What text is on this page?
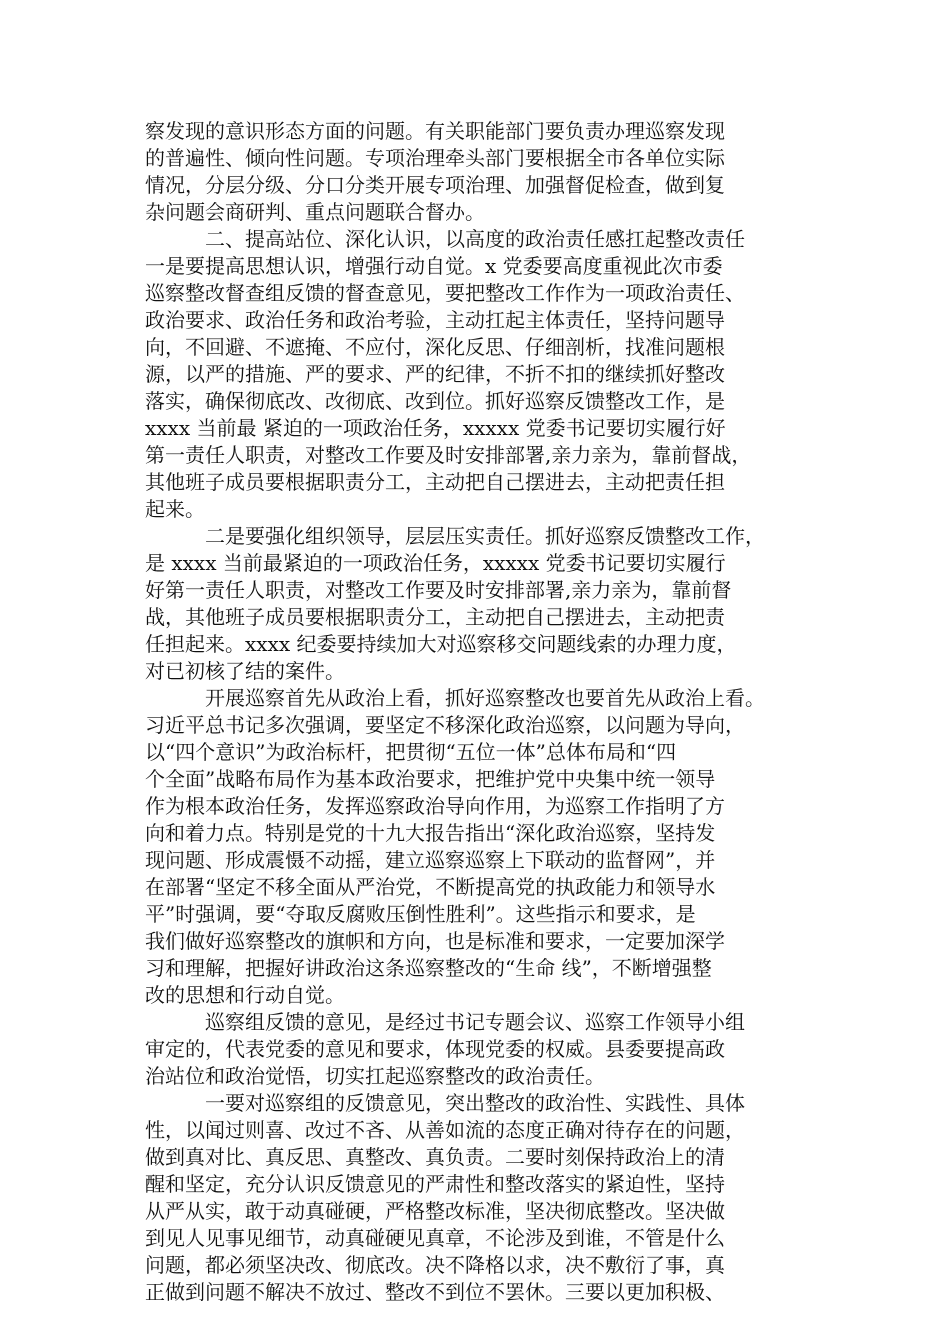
察发现的意识形态方面的问题。有关职能部门要负责办理巡察发现
的普遍性、倾向性问题。专项治理牵头部门要根据全市各单位实际
情况，分层分级、分口分类开展专项治理、加强督促检查，做到复
杂问题会商研判、重点问题联合督办。
　　　二、提高站位、深化认识，以高度的政治责任感扛起整改责任
一是要提高思想认识，增强行动自觉。x 党委要高度重视此次市委
巡察整改督查组反馈的督查意见，要把整改工作作为一项政治责任、
政治要求、政治任务和政治考验，主动扛起主体责任，坚持问题导
向，不回避、不遮掩、不应付，深化反思、仔细剖析，找准问题根
源，以严的措施、严的要求、严的纪律，不折不扣的继续抓好整改
落实，确保彻底改、改彻底、改到位。抓好巡察反馈整改工作，是
xxxx 当前最 紧迫的一项政治任务，xxxxx 党委书记要切实履行好
第一责任人职责，对整改工作要及时安排部署,亲力亲为，靠前督战，
其他班子成员要根据职责分工，主动把自己摆进去，主动把责任担
起来。
　　　二是要强化组织领导，层层压实责任。抓好巡察反馈整改工作，
是 xxxx 当前最紧迫的一项政治任务，xxxxx 党委书记要切实履行
好第一责任人职责，对整改工作要及时安排部署,亲力亲为，靠前督
战，其他班子成员要根据职责分工，主动把自己摆进去，主动把责
任担起来。xxxx 纪委要持续加大对巡察移交问题线索的办理力度，
对已初核了结的案件。
　　　开展巡察首先从政治上看，抓好巡察整改也要首先从政治上看。
习近平总书记多次强调，要坚定不移深化政治巡察，以问题为导向，
以“四个意识”为政治标杆，把贯彻“五位一体”总体布局和“四
个全面”战略布局作为基本政治要求，把维护党中央集中统一领导
作为根本政治任务，发挥巡察政治导向作用，为巡察工作指明了方
向和着力点。特别是党的十九大报告指出“深化政治巡察，坚持发
现问题、形成震慑不动摇，建立巡察巡察上下联动的监督网”，并
在部署“坚定不移全面从严治党，不断提高党的执政能力和领导水
平”时强调，要“夺取反腐败压倒性胜利”。这些指示和要求，是
我们做好巡察整改的旗帜和方向，也是标准和要求，一定要加深学
习和理解，把握好讲政治这条巡察整改的“生命 线”，不断增强整
改的思想和行动自觉。
　　　巡察组反馈的意见，是经过书记专题会议、巡察工作领导小组
审定的，代表党委的意见和要求，体现党委的权威。县委要提高政
治站位和政治觉悟，切实扛起巡察整改的政治责任。
　　　一要对巡察组的反馈意见，突出整改的政治性、实践性、具体
性，以闻过则喜、改过不吝、从善如流的态度正确对待存在的问题，
做到真对比、真反思、真整改、真负责。二要时刻保持政治上的清
醒和坚定，充分认识反馈意见的严肃性和整改落实的紧迫性，坚持
从严从实，敢于动真碰硬，严格整改标准，坚决彻底整改。坚决做
到见人见事见细节，动真碰硬见真章，不论涉及到谁，不管是什么
问题，都必须坚决改、彻底改。决不降格以求，决不敷衍了事，真
正做到问题不解决不放过、整改不到位不罢休。三要以更加积极、
